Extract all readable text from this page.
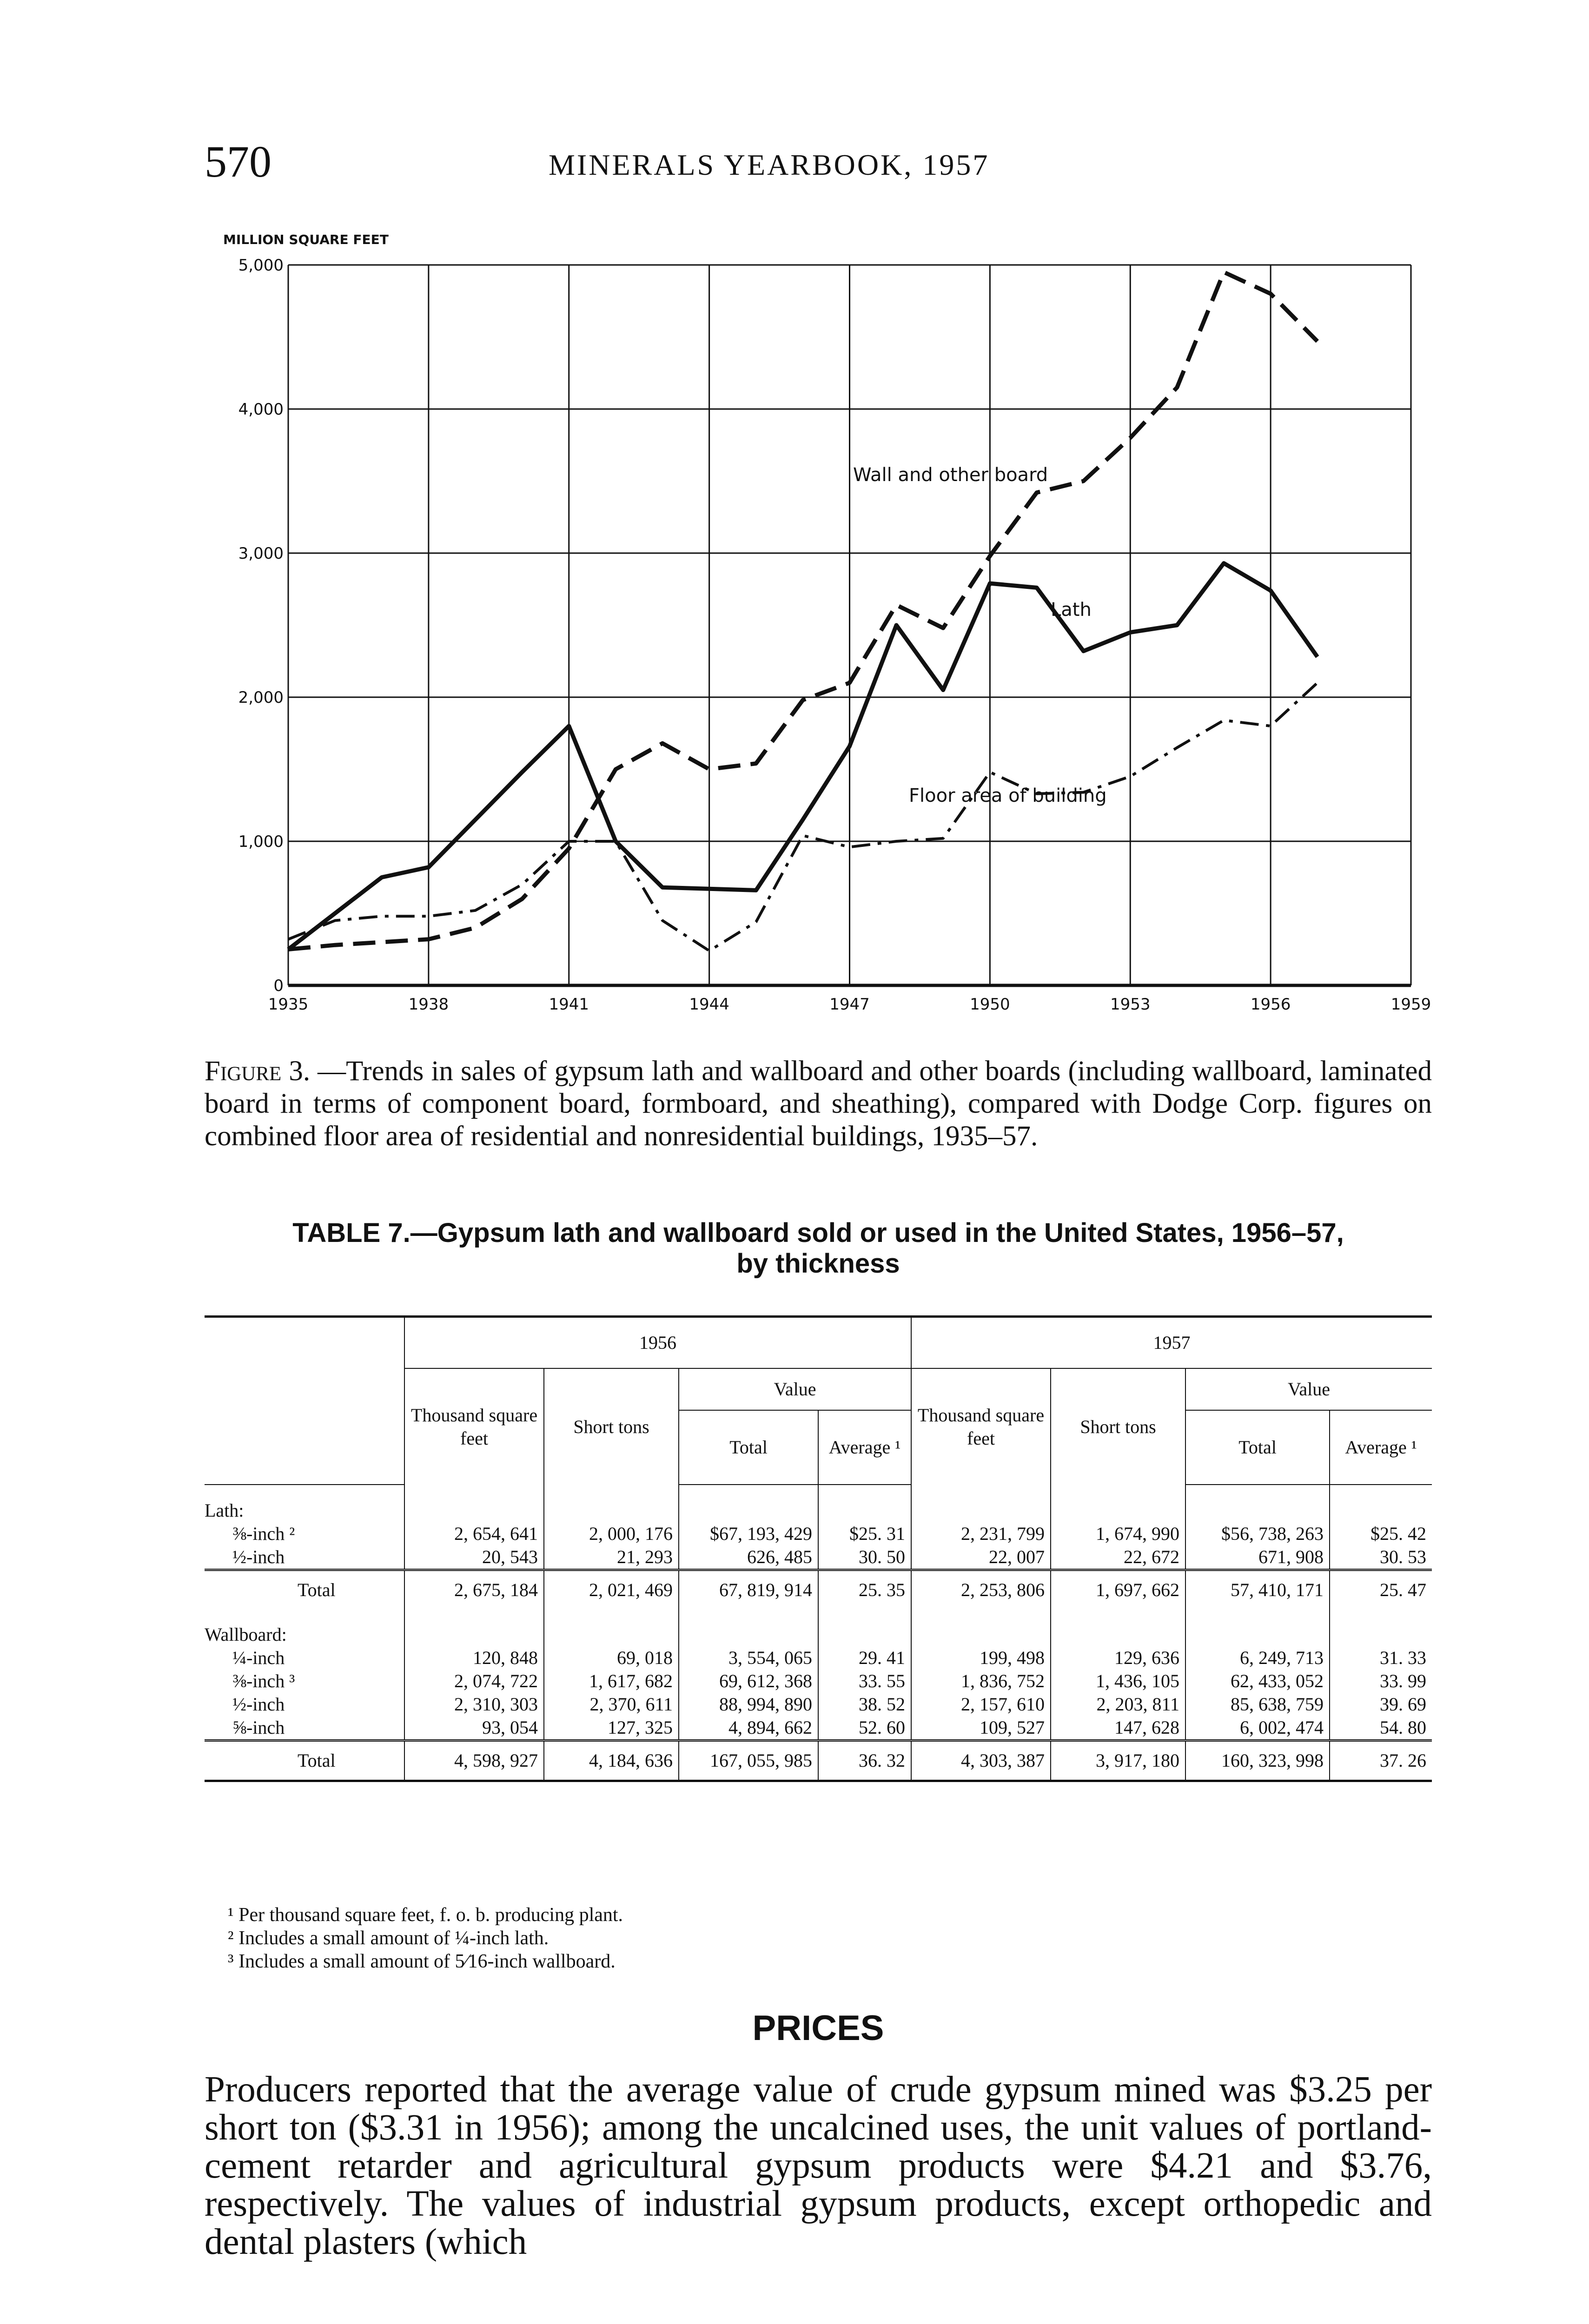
570	MINERALS YEARBOOK, 1957
1935	1938	1941	1944	1947	1950	1953	1956	1959
0
1,000
2,000
3,000
4,000
5,000
MILLION SQUARE FEET
Wall and other board
Lath
Floor area of building
Figure 3. —Trends in sales of gypsum lath and wallboard and other boards (including wallboard, laminated board in terms of component board, formboard, and sheathing), compared with Dodge Corp. figures on combined floor area of residential and nonresidential buildings, 1935–57.
TABLE 7.—Gypsum lath and wallboard sold or used in the United States, 1956–57,
by thickness
	1956				1957			
	Thousand square feet	Short tons	Value		Thousand square feet	Short tons	Value	
			Total	Average ¹			Total	Average ¹
Lath:								
⅜-inch ²	2, 654, 641	2, 000, 176	$67, 193, 429	$25. 31	2, 231, 799	1, 674, 990	$56, 738, 263	$25. 42
½-inch	20, 543	21, 293	626, 485	30. 50	22, 007	22, 672	671, 908	30. 53
Total	2, 675, 184	2, 021, 469	67, 819, 914	25. 35	2, 253, 806	1, 697, 662	57, 410, 171	25. 47
Wallboard:								
¼-inch	120, 848	69, 018	3, 554, 065	29. 41	199, 498	129, 636	6, 249, 713	31. 33
⅜-inch ³	2, 074, 722	1, 617, 682	69, 612, 368	33. 55	1, 836, 752	1, 436, 105	62, 433, 052	33. 99
½-inch	2, 310, 303	2, 370, 611	88, 994, 890	38. 52	2, 157, 610	2, 203, 811	85, 638, 759	39. 69
⅝-inch	93, 054	127, 325	4, 894, 662	52. 60	109, 527	147, 628	6, 002, 474	54. 80
Total	4, 598, 927	4, 184, 636	167, 055, 985	36. 32	4, 303, 387	3, 917, 180	160, 323, 998	37. 26
¹ Per thousand square feet, f. o. b. producing plant.
² Includes a small amount of ¼-inch lath.
³ Includes a small amount of 5⁄16-inch wallboard.
PRICES
Producers reported that the average value of crude gypsum mined was $3.25 per short ton ($3.31 in 1956); among the uncalcined uses, the unit values of portland-cement retarder and agricultural gypsum products were $4.21 and $3.76, respectively. The values of industrial gypsum products, except orthopedic and dental plasters (which
